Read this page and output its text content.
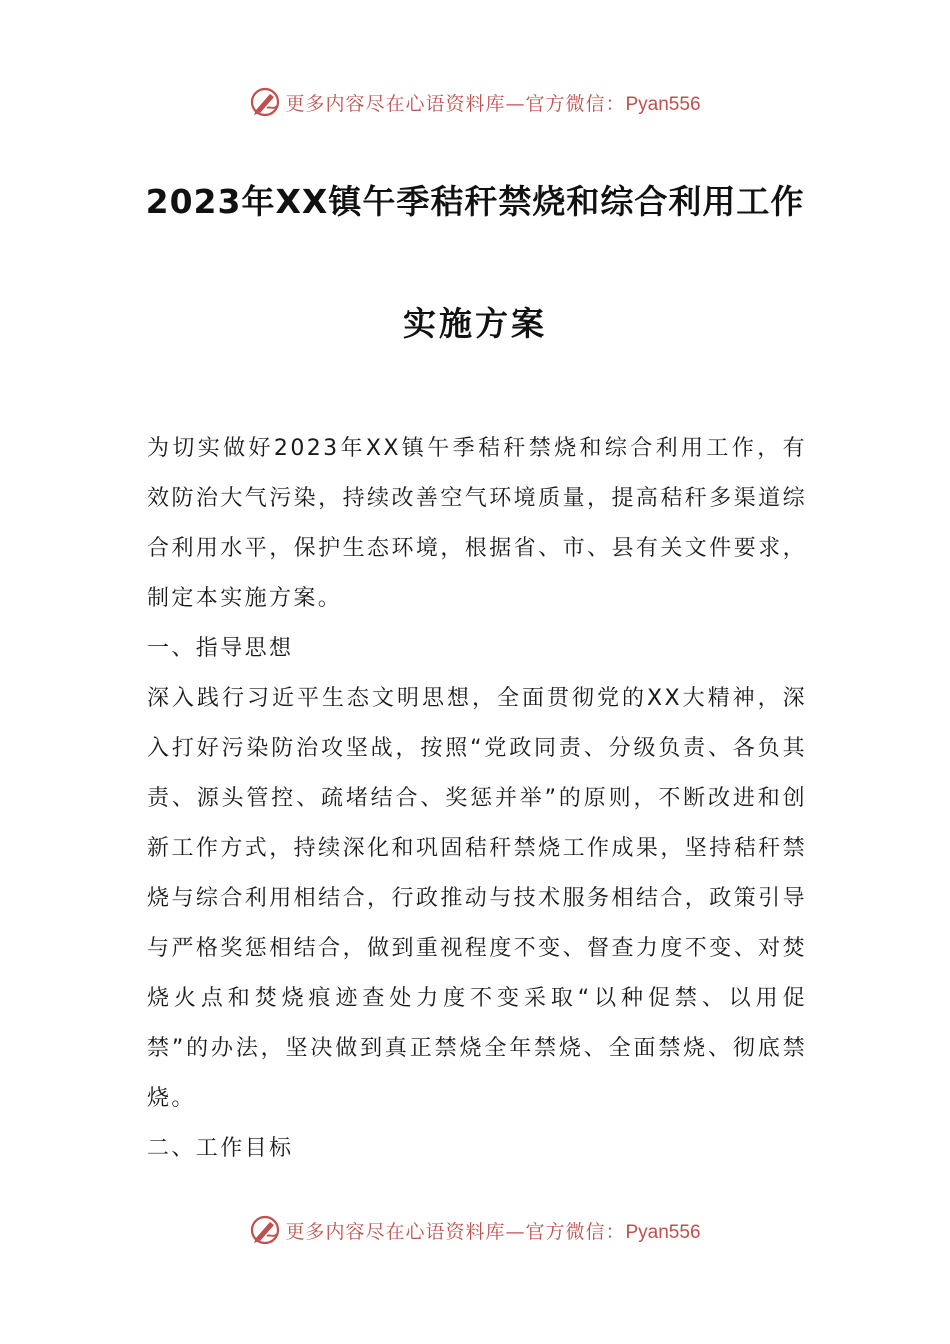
更多内容尽在心语资料库—官方微信：Pyan556
2023年XX镇午季秸秆禁烧和综合利用工作
实施方案

为切实做好2023年XX镇午季秸秆禁烧和综合利用工作，有效防治大气污染，持续改善空气环境质量，提高秸秆多渠道综合利用水平，保护生态环境，根据省、市、县有关文件要求，制定本实施方案。

一、指导思想

深入践行习近平生态文明思想，全面贯彻党的XX大精神，深入打好污染防治攻坚战，按照“党政同责、分级负责、各负其责、源头管控、疏堵结合、奖惩并举”的原则，不断改进和创新工作方式，持续深化和巩固秸秆禁烧工作成果，坚持秸秆禁烧与综合利用相结合，行政推动与技术服务相结合，政策引导与严格奖惩相结合，做到重视程度不变、督查力度不变、对焚烧火点和焚烧痕迹查处力度不变采取“以种促禁、以用促禁”的办法，坚决做到真正禁烧全年禁烧、全面禁烧、彻底禁烧。

二、工作目标

更多内容尽在心语资料库—官方微信：Pyan556
